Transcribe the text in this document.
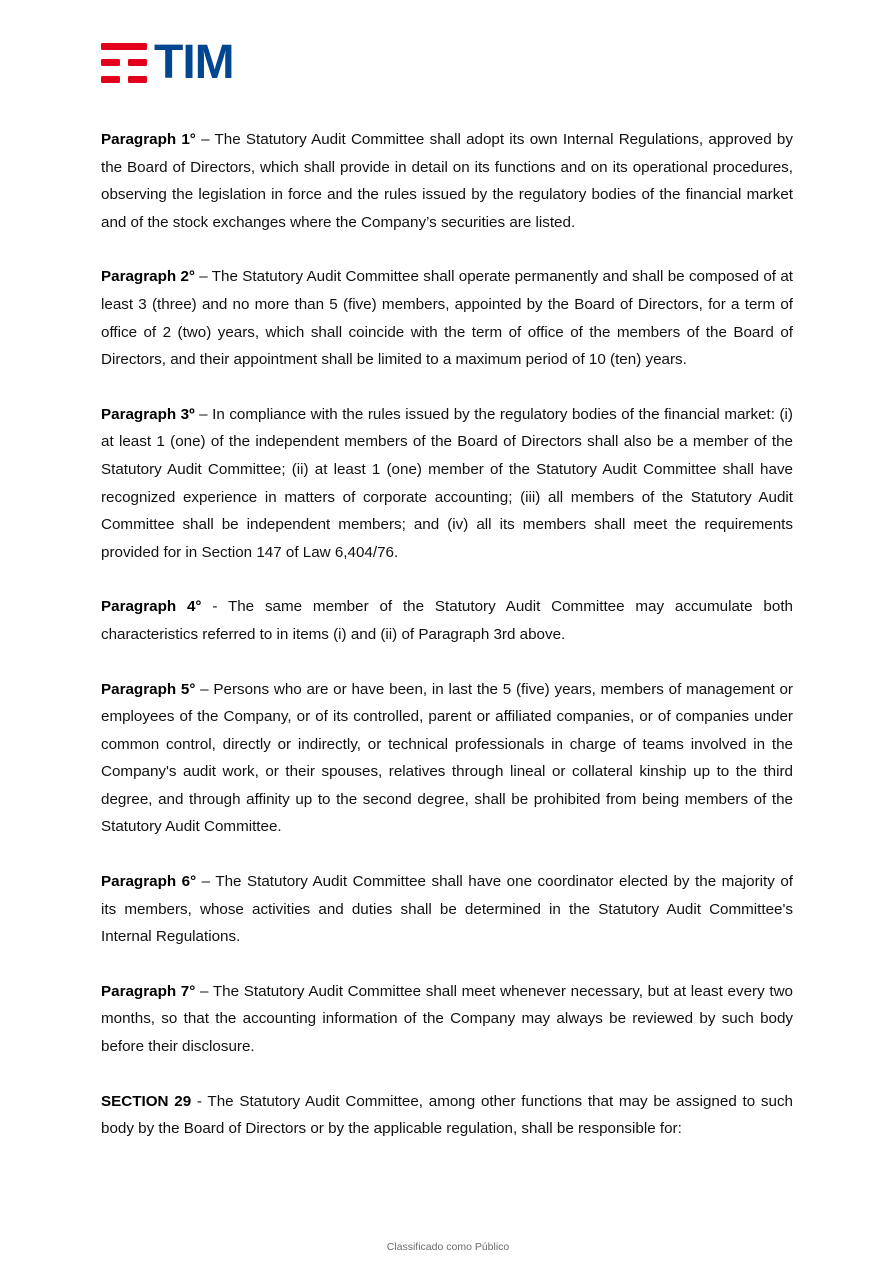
TIM

Paragraph 1° – The Statutory Audit Committee shall adopt its own Internal Regulations, approved by the Board of Directors, which shall provide in detail on its functions and on its operational procedures, observing the legislation in force and the rules issued by the regulatory bodies of the financial market and of the stock exchanges where the Company’s securities are listed.

Paragraph 2° – The Statutory Audit Committee shall operate permanently and shall be composed of at least 3 (three) and no more than 5 (five) members, appointed by the Board of Directors, for a term of office of 2 (two) years, which shall coincide with the term of office of the members of the Board of Directors, and their appointment shall be limited to a maximum period of 10 (ten) years.

Paragraph 3º – In compliance with the rules issued by the regulatory bodies of the financial market: (i) at least 1 (one) of the independent members of the Board of Directors shall also be a member of the Statutory Audit Committee; (ii) at least 1 (one) member of the Statutory Audit Committee shall have recognized experience in matters of corporate accounting; (iii) all members of the Statutory Audit Committee shall be independent members; and (iv) all its members shall meet the requirements provided for in Section 147 of Law 6,404/76.

Paragraph 4° - The same member of the Statutory Audit Committee may accumulate both characteristics referred to in items (i) and (ii) of Paragraph 3rd above.

Paragraph 5° – Persons who are or have been, in last the 5 (five) years, members of management or employees of the Company, or of its controlled, parent or affiliated companies, or of companies under common control, directly or indirectly, or technical professionals in charge of teams involved in the Company's audit work, or their spouses, relatives through lineal or collateral kinship up to the third degree, and through affinity up to the second degree, shall be prohibited from being members of the Statutory Audit Committee.

Paragraph 6° – The Statutory Audit Committee shall have one coordinator elected by the majority of its members, whose activities and duties shall be determined in the Statutory Audit Committee's Internal Regulations.

Paragraph 7° – The Statutory Audit Committee shall meet whenever necessary, but at least every two months, so that the accounting information of the Company may always be reviewed by such body before their disclosure.

SECTION 29 - The Statutory Audit Committee, among other functions that may be assigned to such body by the Board of Directors or by the applicable regulation, shall be responsible for:

Classificado como Público
